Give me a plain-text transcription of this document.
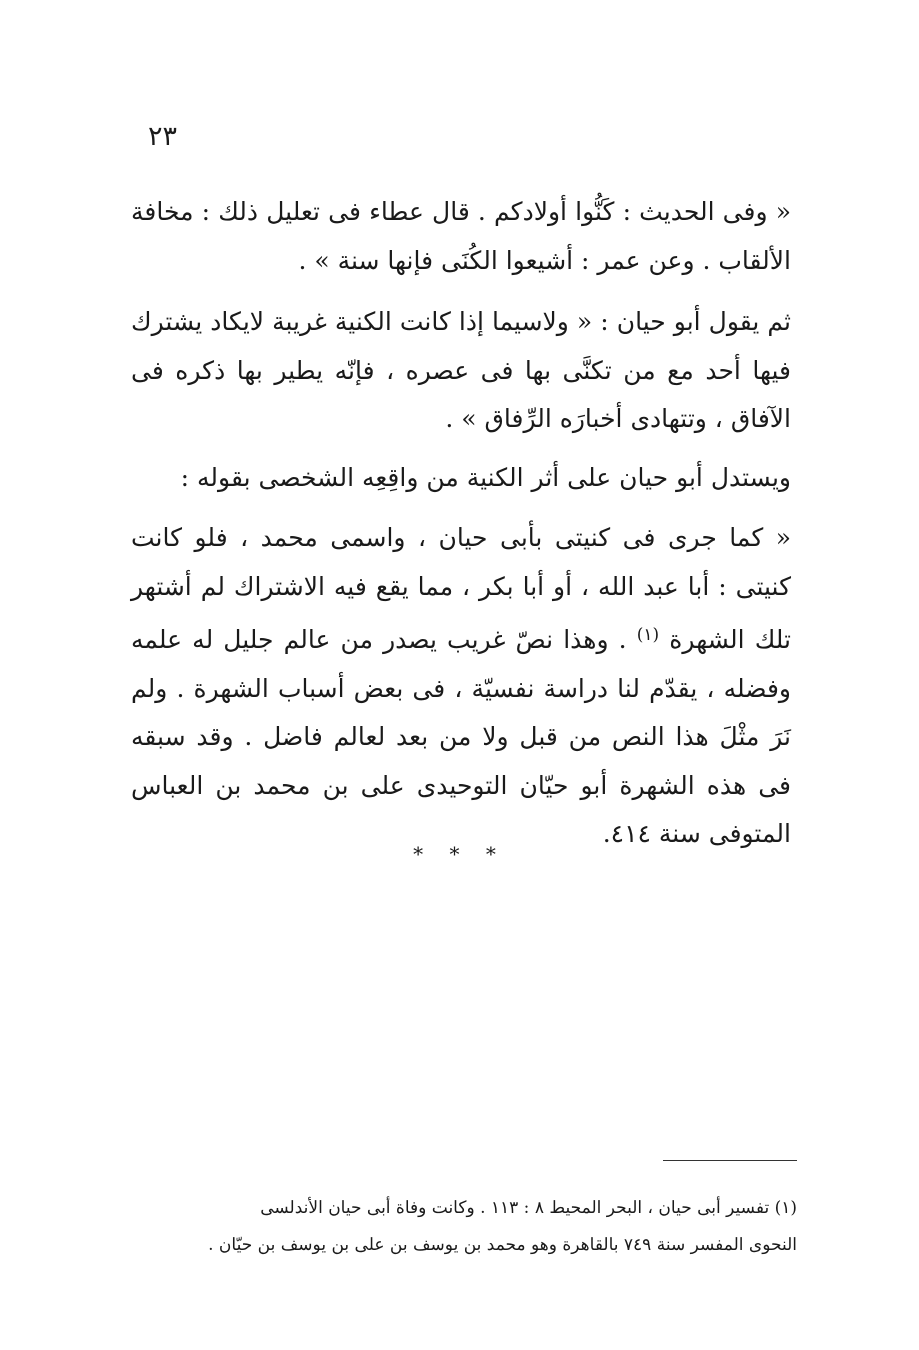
٢٣

« وفى الحديث : كَنُّوا أولادكم . قال عطاء فى تعليل ذلك : مخافة الألقاب . وعن عمر : أشيعوا الكُنَى فإنها سنة » .

ثم يقول أبو حيان : « ولاسيما إذا كانت الكنية غريبة لايكاد يشترك فيها أحد مع من تكنَّى بها فى عصره ، فإنّه يطير بها ذكره فى الآفاق ، وتتهادى أخبارَه الرِّفاق » .

ويستدل أبو حيان على أثر الكنية من واقِعِه الشخصى بقوله :

« كما جرى فى كنيتى بأبى حيان ، واسمى محمد ، فلو كانت كنيتى : أبا عبد الله ، أو أبا بكر ، مما يقع فيه الاشتراك لم أشتهر تلك الشهرة $^{(١)}$ . وهذا نصّ غريب يصدر من عالم جليل له علمه وفضله ، يقدّم لنا دراسة نفسيّة ، فى بعض أسباب الشهرة . ولم نَرَ مثْلَ هذا النص من قبل ولا من بعد لعالم فاضل . وقد سبقه فى هذه الشهرة أبو حيّان التوحيدى على بن محمد بن العباس المتوفى سنة ٤١٤.

* * *

(١) تفسير أبى حيان ، البحر المحيط ٨ : ١١٣ . وكانت وفاة أبى حيان الأندلسى

النحوى المفسر سنة ٧٤٩ بالقاهرة وهو محمد بن يوسف بن على بن يوسف بن حيّان .
